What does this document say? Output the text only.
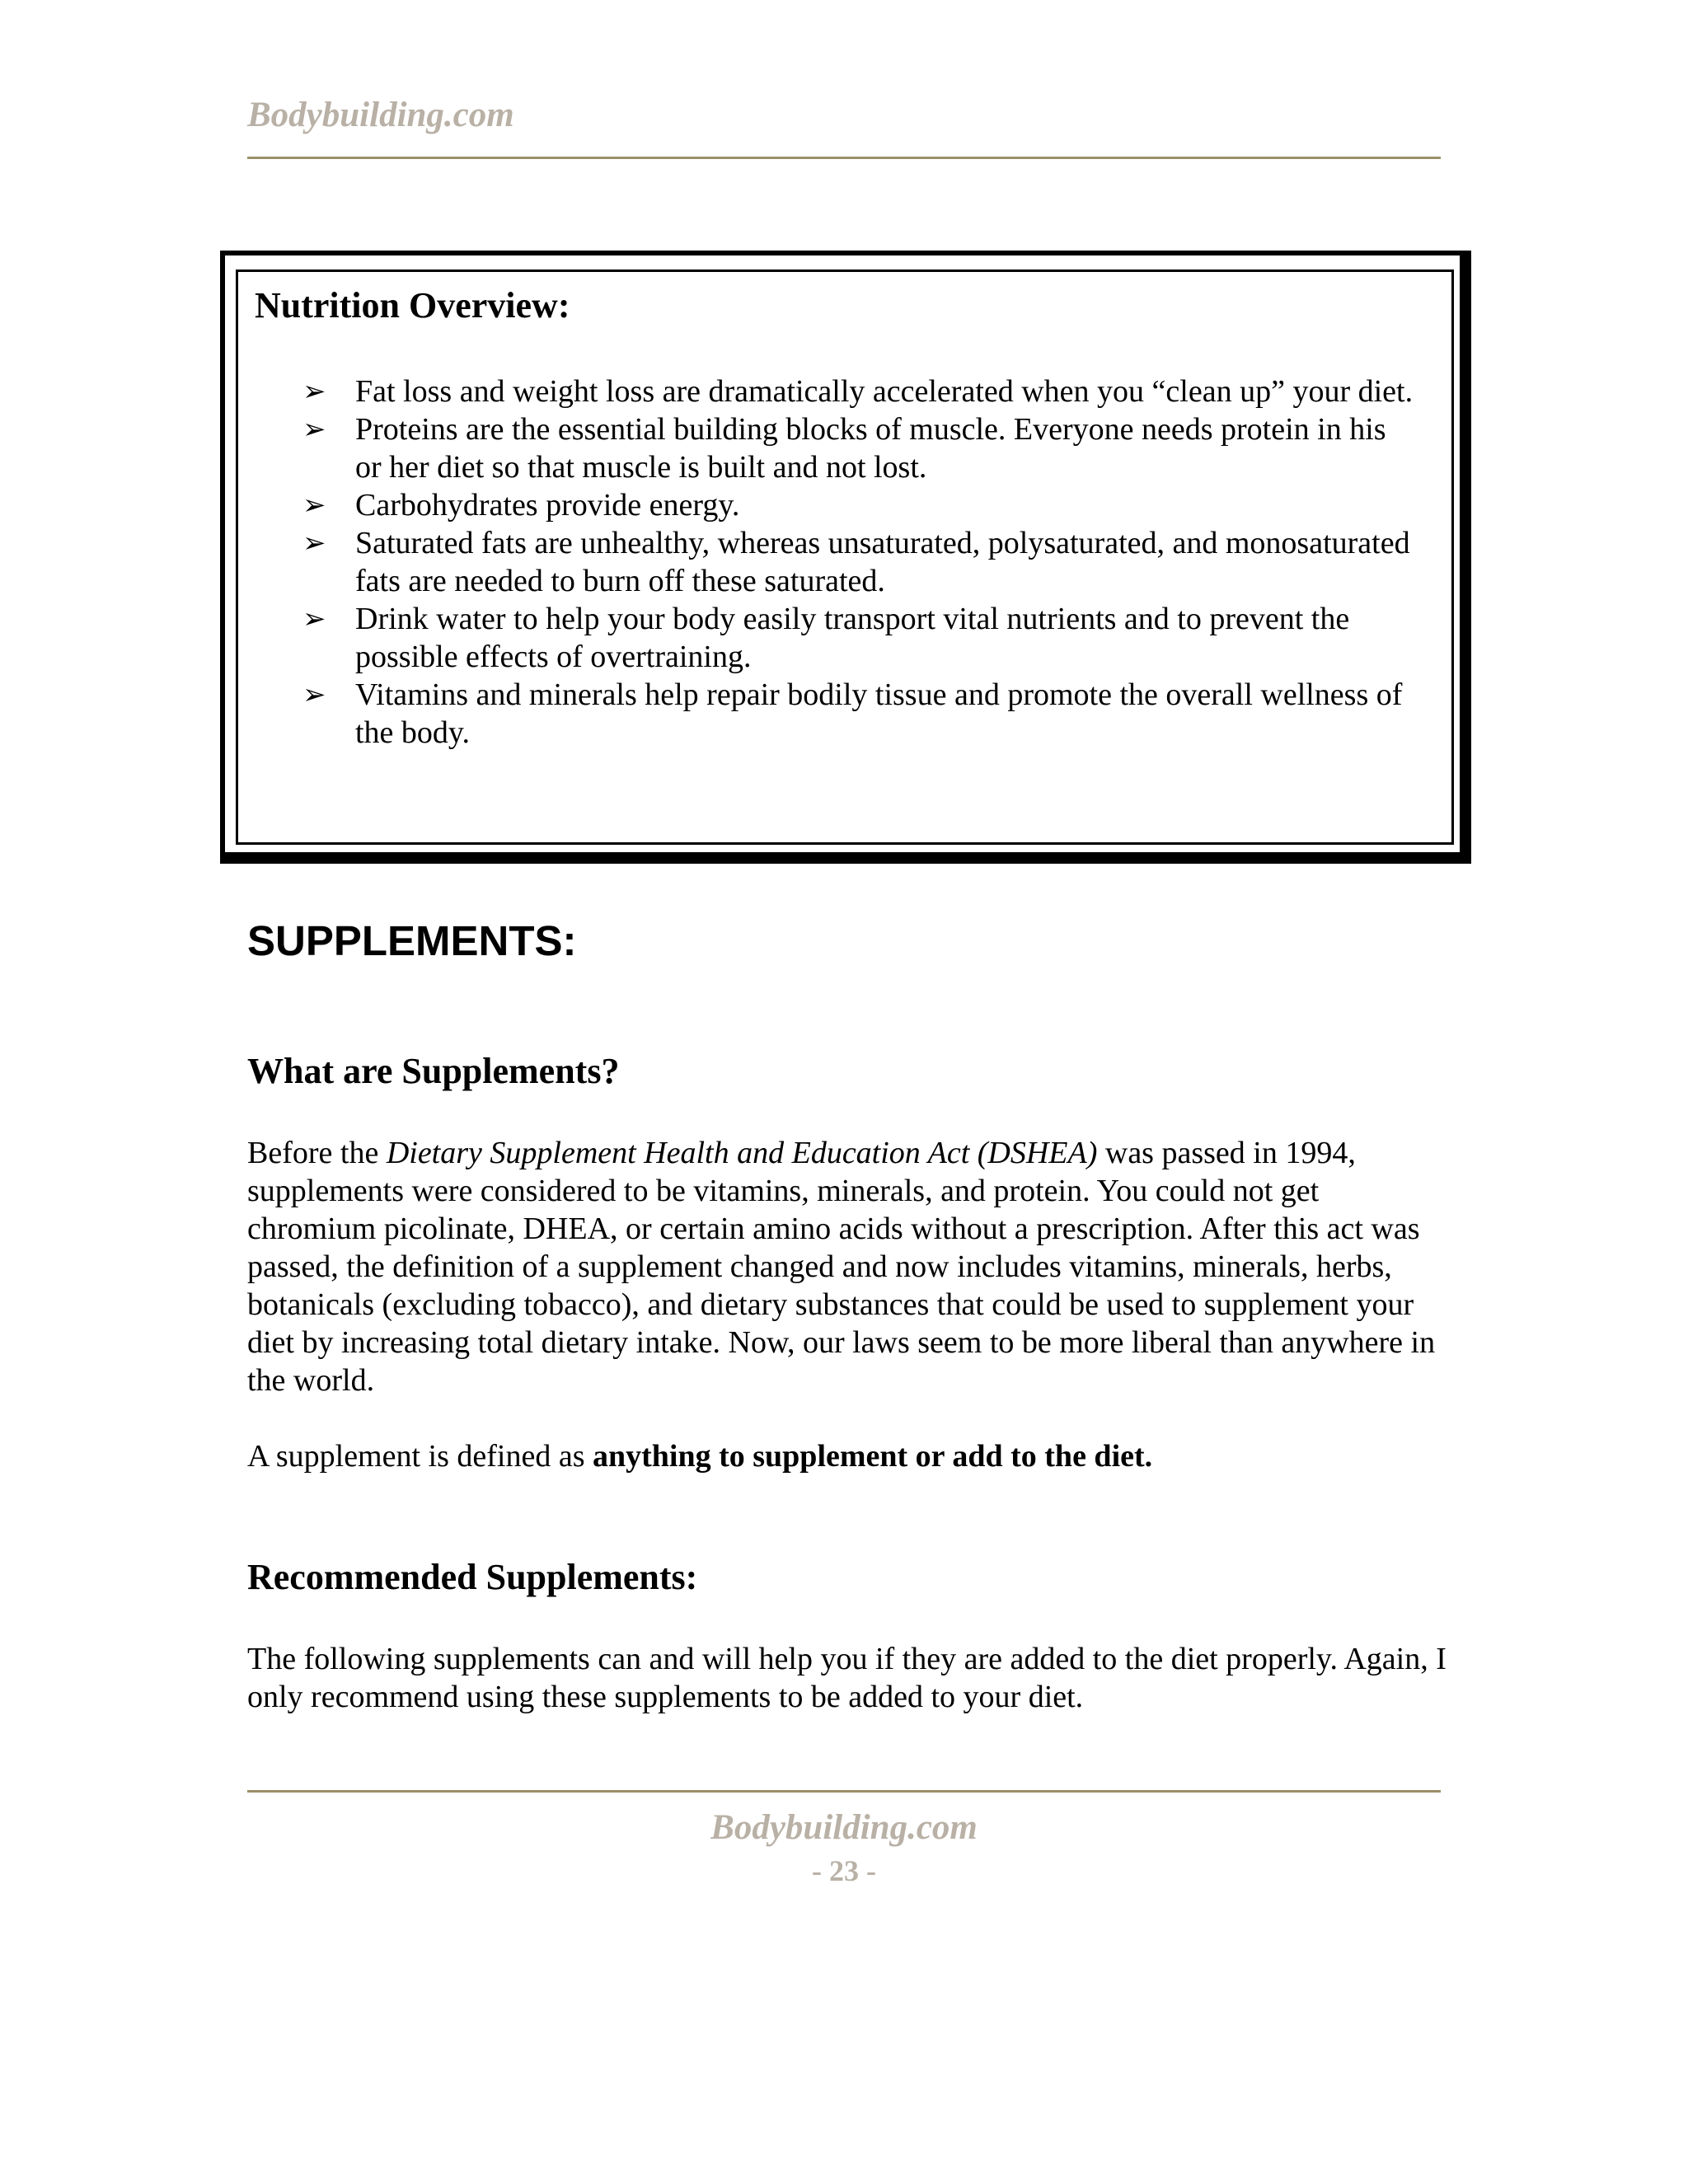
Bodybuilding.com
Nutrition Overview:
➢ Fat loss and weight loss are dramatically accelerated when you “clean up” your diet.
➢ Proteins are the essential building blocks of muscle. Everyone needs protein in his or her diet so that muscle is built and not lost.
➢ Carbohydrates provide energy.
➢ Saturated fats are unhealthy, whereas unsaturated, polysaturated, and monosaturated fats are needed to burn off these saturated.
➢ Drink water to help your body easily transport vital nutrients and to prevent the possible effects of overtraining.
➢ Vitamins and minerals help repair bodily tissue and promote the overall wellness of the body.
SUPPLEMENTS:
What are Supplements?

Before the Dietary Supplement Health and Education Act (DSHEA) was passed in 1994, supplements were considered to be vitamins, minerals, and protein. You could not get chromium picolinate, DHEA, or certain amino acids without a prescription. After this act was passed, the definition of a supplement changed and now includes vitamins, minerals, herbs, botanicals (excluding tobacco), and dietary substances that could be used to supplement your diet by increasing total dietary intake. Now, our laws seem to be more liberal than anywhere in the world.

A supplement is defined as anything to supplement or add to the diet.

Recommended Supplements:

The following supplements can and will help you if they are added to the diet properly. Again, I only recommend using these supplements to be added to your diet.

Bodybuilding.com
- 23 -
